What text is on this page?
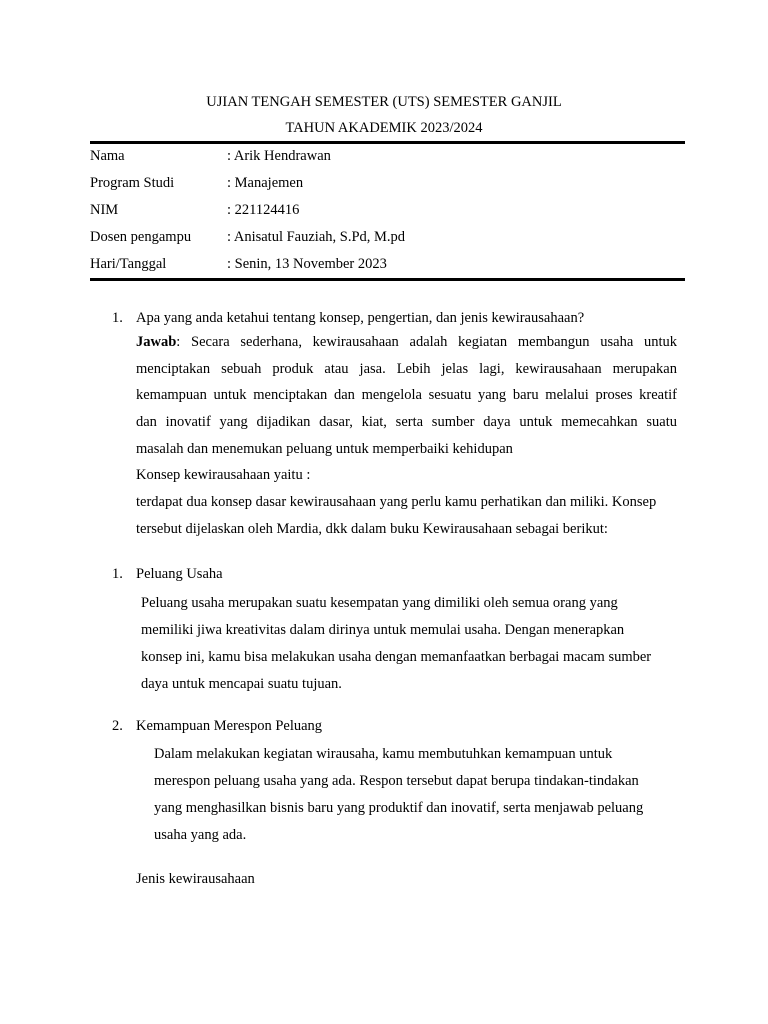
UJIAN TENGAH SEMESTER (UTS) SEMESTER GANJIL
TAHUN AKADEMIK 2023/2024
Nama	: Arik Hendrawan
Program Studi	: Manajemen
NIM	: 221124416
Dosen pengampu : Anisatul Fauziah, S.Pd, M.pd
Hari/Tanggal	: Senin, 13 November 2023
1. Apa yang anda ketahui tentang konsep, pengertian, dan jenis kewirausahaan?
Jawab: Secara sederhana, kewirausahaan adalah kegiatan membangun usaha untuk
menciptakan sebuah produk atau jasa. Lebih jelas lagi, kewirausahaan merupakan
kemampuan untuk menciptakan dan mengelola sesuatu yang baru melalui proses kreatif
dan inovatif yang dijadikan dasar, kiat, serta sumber daya untuk memecahkan suatu
masalah dan menemukan peluang untuk memperbaiki kehidupan
Konsep kewirausahaan yaitu :
terdapat dua konsep dasar kewirausahaan yang perlu kamu perhatikan dan miliki. Konsep
tersebut dijelaskan oleh Mardia, dkk dalam buku Kewirausahaan sebagai berikut:
1. Peluang Usaha
Peluang usaha merupakan suatu kesempatan yang dimiliki oleh semua orang yang
memiliki jiwa kreativitas dalam dirinya untuk memulai usaha. Dengan menerapkan
konsep ini, kamu bisa melakukan usaha dengan memanfaatkan berbagai macam sumber
daya untuk mencapai suatu tujuan.
2. Kemampuan Merespon Peluang
Dalam melakukan kegiatan wirausaha, kamu membutuhkan kemampuan untuk
merespon peluang usaha yang ada. Respon tersebut dapat berupa tindakan-tindakan
yang menghasilkan bisnis baru yang produktif dan inovatif, serta menjawab peluang
usaha yang ada.
Jenis kewirausahaan
